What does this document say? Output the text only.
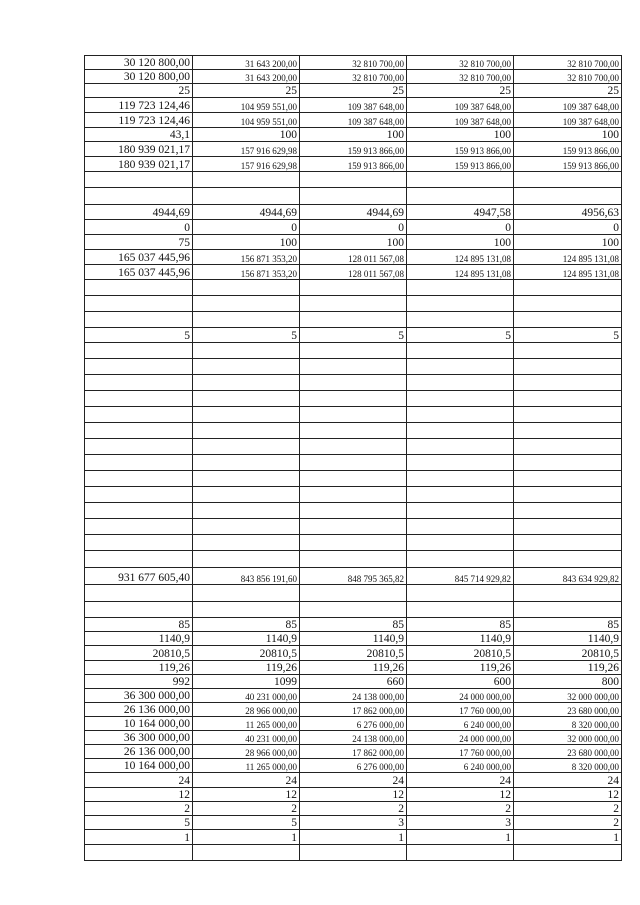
30 120 800,00	31 643 200,00	32 810 700,00	32 810 700,00	32 810 700,00
30 120 800,00	31 643 200,00	32 810 700,00	32 810 700,00	32 810 700,00
25	25	25	25	25
119 723 124,46	104 959 551,00	109 387 648,00	109 387 648,00	109 387 648,00
119 723 124,46	104 959 551,00	109 387 648,00	109 387 648,00	109 387 648,00
43,1	100	100	100	100
180 939 021,17	157 916 629,98	159 913 866,00	159 913 866,00	159 913 866,00
180 939 021,17	157 916 629,98	159 913 866,00	159 913 866,00	159 913 866,00

4944,69	4944,69	4944,69	4947,58	4956,63
0	0	0	0	0
75	100	100	100	100
165 037 445,96	156 871 353,20	128 011 567,08	124 895 131,08	124 895 131,08
165 037 445,96	156 871 353,20	128 011 567,08	124 895 131,08	124 895 131,08

5	5	5	5	5

931 677 605,40	843 856 191,60	848 795 365,82	845 714 929,82	843 634 929,82

85	85	85	85	85
1140,9	1140,9	1140,9	1140,9	1140,9
20810,5	20810,5	20810,5	20810,5	20810,5
119,26	119,26	119,26	119,26	119,26
992	1099	660	600	800
36 300 000,00	40 231 000,00	24 138 000,00	24 000 000,00	32 000 000,00
26 136 000,00	28 966 000,00	17 862 000,00	17 760 000,00	23 680 000,00
10 164 000,00	11 265 000,00	6 276 000,00	6 240 000,00	8 320 000,00
36 300 000,00	40 231 000,00	24 138 000,00	24 000 000,00	32 000 000,00
26 136 000,00	28 966 000,00	17 862 000,00	17 760 000,00	23 680 000,00
10 164 000,00	11 265 000,00	6 276 000,00	6 240 000,00	8 320 000,00
24	24	24	24	24
12	12	12	12	12
2	2	2	2	2
5	5	3	3	2
1	1	1	1	1
